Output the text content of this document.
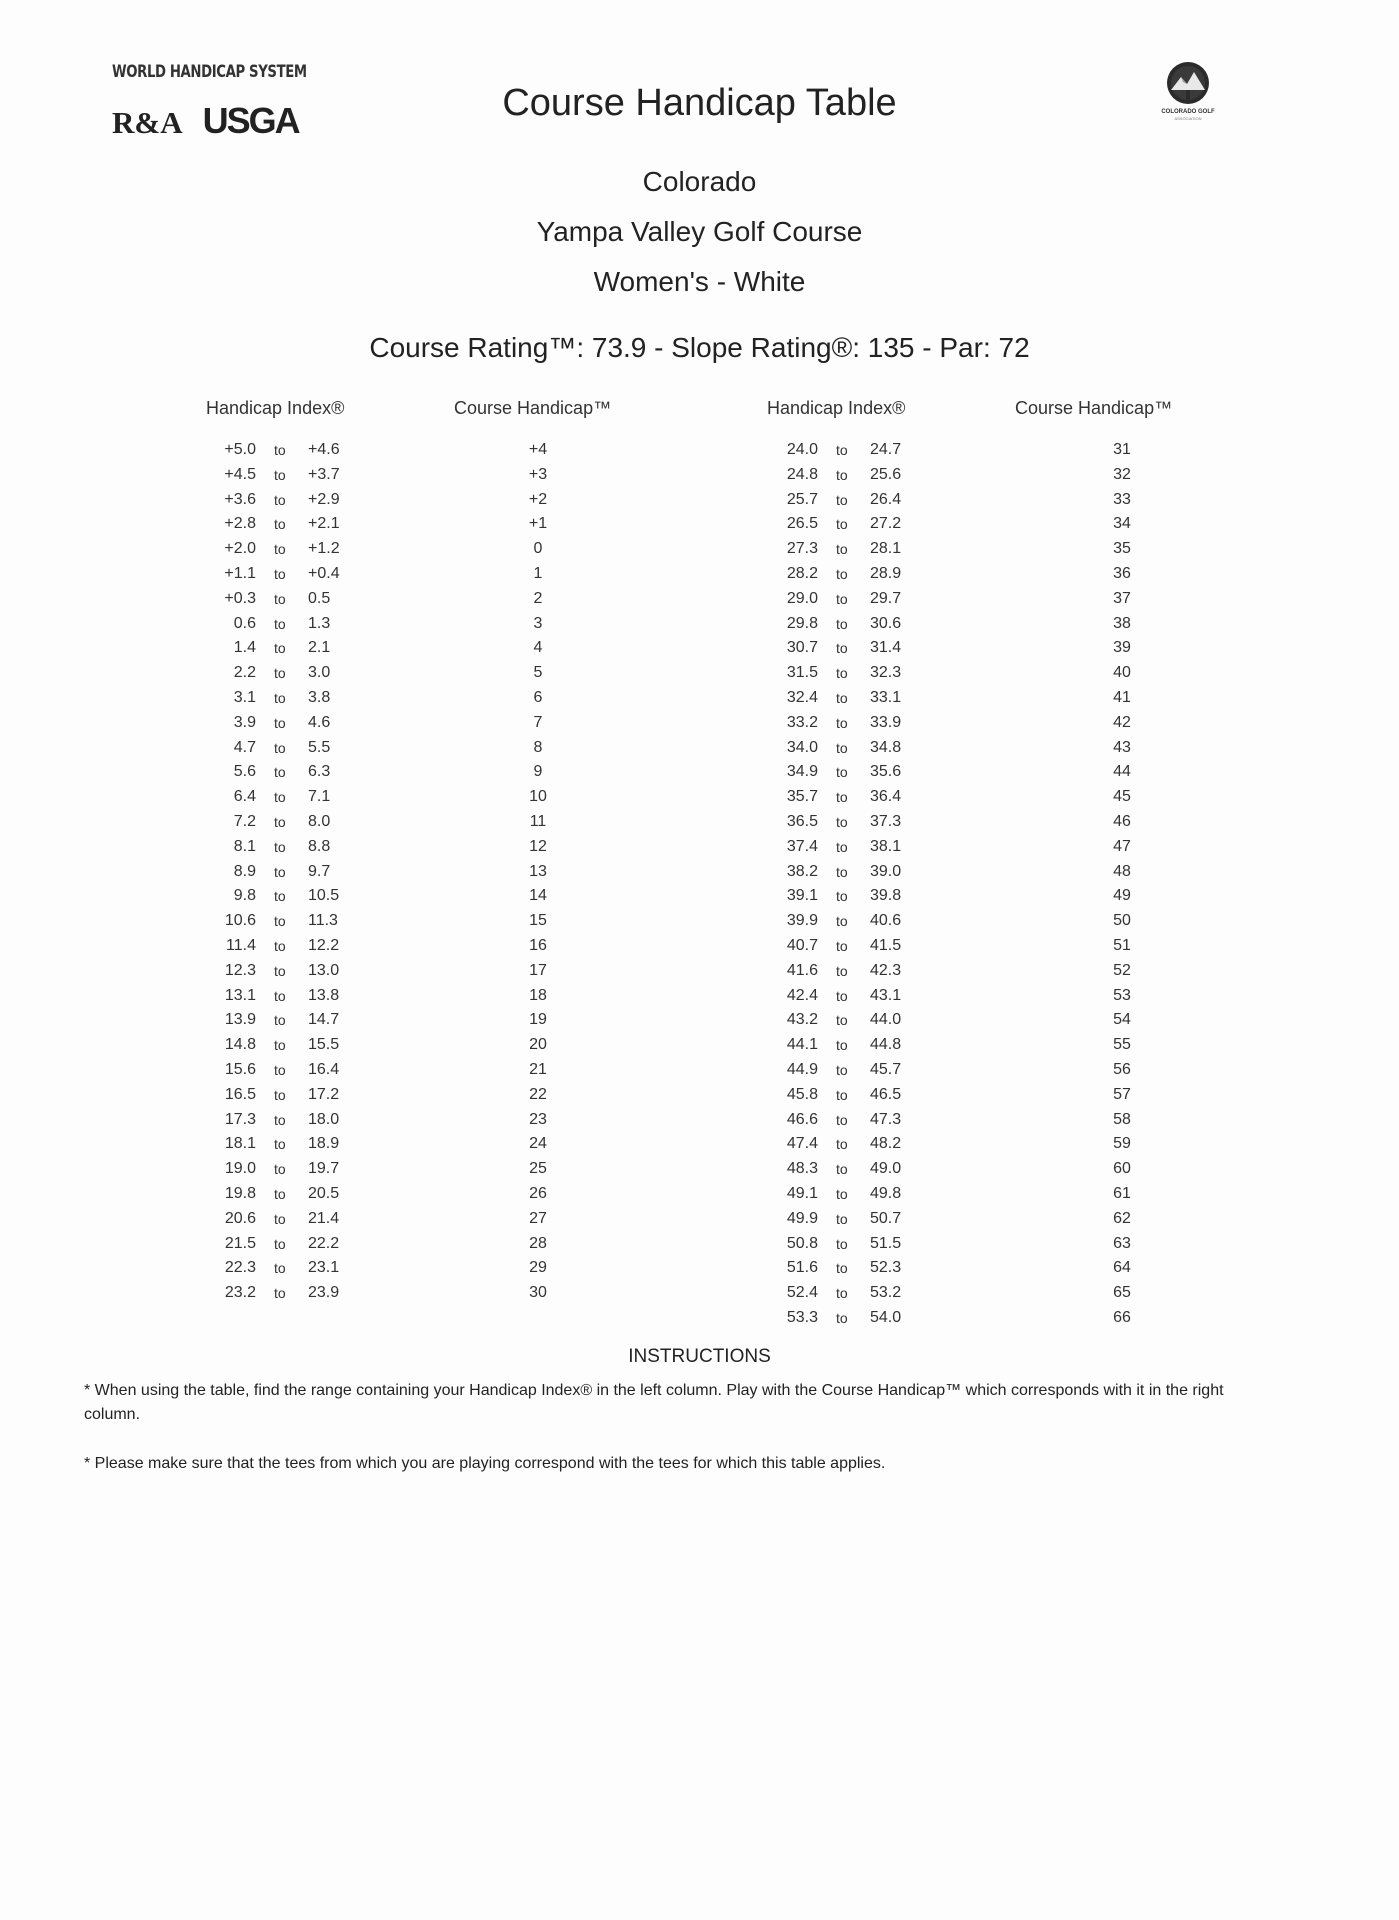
WORLD HANDICAP SYSTEM
R&A USGA	Course Handicap Table	COLORADO GOLF
ASSOCIATION
Colorado
Yampa Valley Golf Course
Women's - White
Course Rating™: 73.9 - Slope Rating®: 135 - Par: 72
Handicap Index®	Course Handicap™	Handicap Index®	Course Handicap™
+5.0 to +4.6	+4
+4.5 to +3.7	+3
+3.6 to +2.9	+2
+2.8 to +2.1	+1
+2.0 to +1.2	0
+1.1 to +0.4	1
+0.3 to 0.5	2
0.6 to 1.3	3
1.4 to 2.1	4
2.2 to 3.0	5
3.1 to 3.8	6
3.9 to 4.6	7
4.7 to 5.5	8
5.6 to 6.3	9
6.4 to 7.1	10
7.2 to 8.0	11
8.1 to 8.8	12
8.9 to 9.7	13
9.8 to 10.5	14
10.6 to 11.3	15
11.4 to 12.2	16
12.3 to 13.0	17
13.1 to 13.8	18
13.9 to 14.7	19
14.8 to 15.5	20
15.6 to 16.4	21
16.5 to 17.2	22
17.3 to 18.0	23
18.1 to 18.9	24
19.0 to 19.7	25
19.8 to 20.5	26
20.6 to 21.4	27
21.5 to 22.2	28
22.3 to 23.1	29
23.2 to 23.9	30
24.0 to 24.7	31
24.8 to 25.6	32
25.7 to 26.4	33
26.5 to 27.2	34
27.3 to 28.1	35
28.2 to 28.9	36
29.0 to 29.7	37
29.8 to 30.6	38
30.7 to 31.4	39
31.5 to 32.3	40
32.4 to 33.1	41
33.2 to 33.9	42
34.0 to 34.8	43
34.9 to 35.6	44
35.7 to 36.4	45
36.5 to 37.3	46
37.4 to 38.1	47
38.2 to 39.0	48
39.1 to 39.8	49
39.9 to 40.6	50
40.7 to 41.5	51
41.6 to 42.3	52
42.4 to 43.1	53
43.2 to 44.0	54
44.1 to 44.8	55
44.9 to 45.7	56
45.8 to 46.5	57
46.6 to 47.3	58
47.4 to 48.2	59
48.3 to 49.0	60
49.1 to 49.8	61
49.9 to 50.7	62
50.8 to 51.5	63
51.6 to 52.3	64
52.4 to 53.2	65
53.3 to 54.0	66
INSTRUCTIONS
* When using the table, find the range containing your Handicap Index® in the left column. Play with the Course Handicap™ which corresponds with it in the right column.
* Please make sure that the tees from which you are playing correspond with the tees for which this table applies.
